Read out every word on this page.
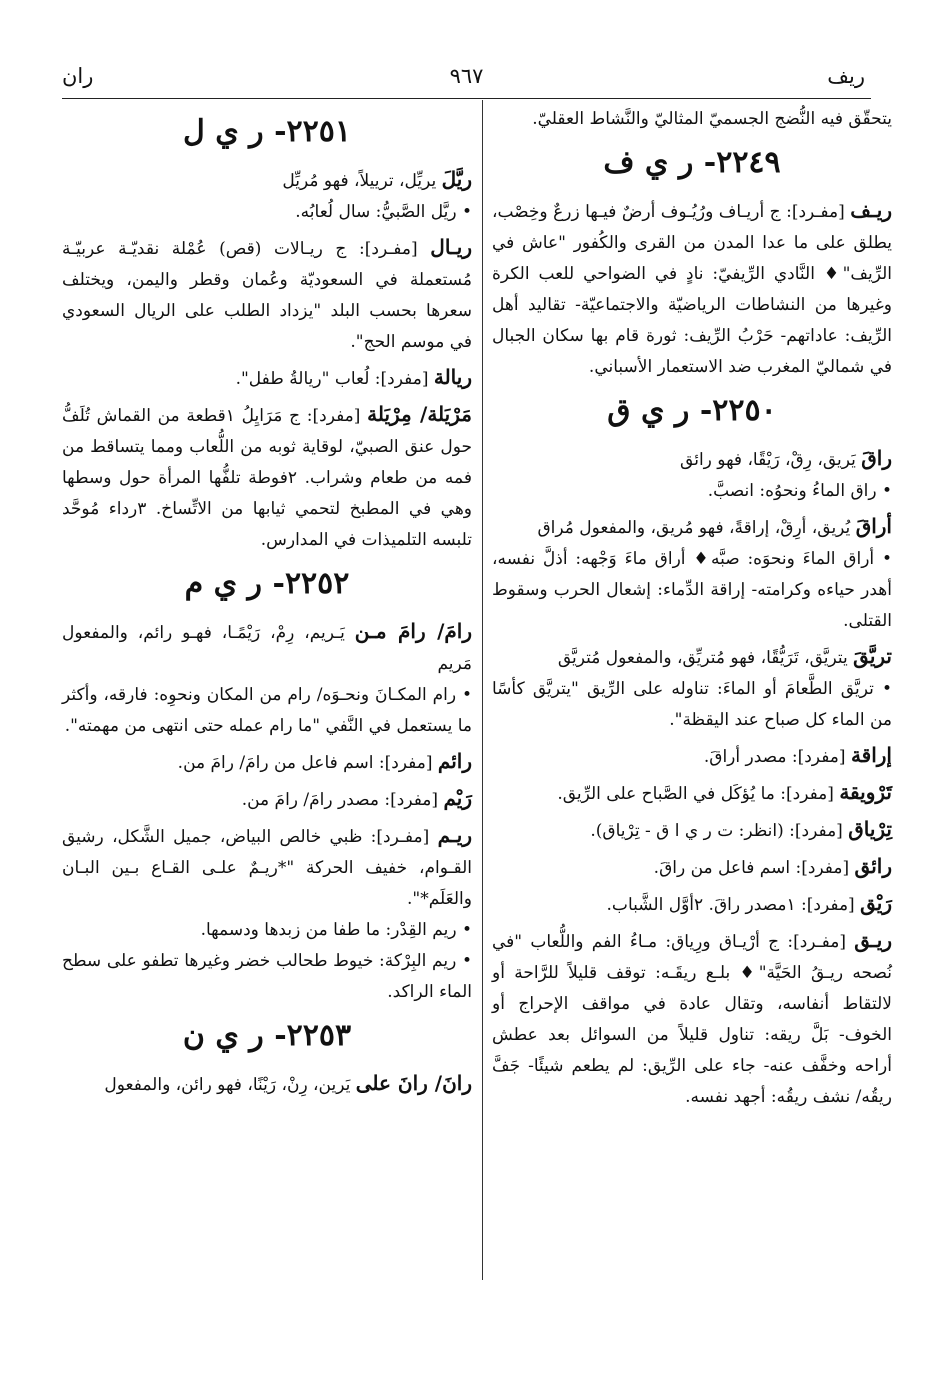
ران	٩٦٧	ريف

يتحقّق فيه النُّضج الجسميّ المثاليّ والنَّشاط العقليّ.

٢٢٤٩- ر ي ف

ريـف [مفـرد]: ج أريـاف ورُيُـوف أرضٌ فيـها زرعٌ وخِصْب، يطلق على ما عدا المدن من القرى والكُفور "عاش في الرِّيف"♦ النَّادي الرِّيفيّ: نادٍ في الضواحي للعب الكرة وغيرها من النشاطات الرياضيّة والاجتماعيّة- تقاليد أهل الرِّيف: عاداتهم- حَرْبُ الرِّيف: ثورة قام بها سكان الجبال في شماليّ المغرب ضد الاستعمار الأسباني.

٢٢٥٠- ر ي ق

راقَ يَريق، رِقْ، رَيْقًا، فهو رائق

• راق الماءُ ونحوُه: انصبَّ.

أراقَ يُريق، أرِقْ، إراقةً، فهو مُريق، والمفعول مُراق

• أراق الماءَ ونحوَه: صبَّه♦ أراق ماءَ وَجْهه: أذلَّ نفسه، أهدر حياءه وكرامته- إراقة الدِّماء: إشعال الحرب وسقوط القتلى.

تريَّقَ يتريَّق، تَرَيُّقًا، فهو مُتريِّق، والمفعول مُتريَّق

• تريَّق الطَّعامَ أو الماءَ: تناوله على الرِّيق "يتريَّق كأسًا من الماء كل صباح عند اليقظة".

إراقة [مفرد]: مصدر أراقَ.

تَرْويقة [مفرد]: ما يُؤكَل في الصَّباح على الرِّيق.

تِرْياق [مفرد]: (انظر: ت ر ي ا ق - تِرْياق).

رائق [مفرد]: اسم فاعل من راقَ.

رَيْق [مفرد]: ١مصدر راقَ. ٢أوَّل الشَّباب.

ريـق [مفـرد]: ج أرْيـاق ورِياق: مـاءُ الفم واللُّعاب "في نُصحه ريـقُ الحَيَّة"♦ بلـع ريقَـه: توقف قليلاً للرَّاحة أو لالتقاط أنفاسه، وتقال عادة في مواقف الإحراج أو الخوف- بَلَّ ريقه: تناول قليلاً من السوائل بعد عطش أراحه وخفَّف عنه- جاء على الرِّيق: لم يطعم شيئًا- جَفَّ ريقُه/ نشف ريقُه: أجهد نفسه.

٢٢٥١- ر ي ل

ريَّلَ يريِّل، ترييلاً، فهو مُريِّل

• ريَّل الصَّبيُّ: سال لُعابُه.

ريـال [مفـرد]: ج ريـالات (قص) عُمْلة نقديّـة عربيّـة مُستعملة في السعوديّة وعُمان وقطر واليمن، ويختلف سعرها بحسب البلد "يزداد الطلب على الريال السعودي في موسم الحج".

ريالة [مفرد]: لُعاب "ريالةُ طفل".

مَرْيَلة/ مِرْيَلة [مفرد]: ج مَرَايِلُ ١قطعة من القماش تُلَفُّ حول عنق الصبيّ، لوقاية ثوبه من اللُّعاب ومما يتساقط من فمه من طعام وشراب. ٢فوطة تلفُّها المرأة حول وسطها وهي في المطبخ لتحمي ثيابها من الاتِّساخ. ٣رداء مُوحَّد تلبسه التلميذات في المدارس.

٢٢٥٢- ر ي م

رامَ/ رامَ مـن يَـريم، رِمْ، رَيْمًـا، فهـو رائم، والمفعول مَريم

• رام المكـانَ ونحـوَه/ رام من المكان ونحوِه: فارقه، وأكثر ما يستعمل في النَّفي "ما رام عمله حتى انتهى من مهمته".

رائم [مفرد]: اسم فاعل من رامَ/ رامَ من.

رَيْم [مفرد]: مصدر رامَ/ رامَ من.

ريـم [مفـرد]: ظبي خالص البياض، جميل الشَّكل، رشيق القـوام، خفيف الحركة "*ريـمٌ علـى القـاع بـين البـان والعَلَم*".

• ريم القِدْر: ما طفا من زبدها ودسمها.

• ريم البِرْكة: خيوط طحالب خضر وغيرها تطفو على سطح الماء الراكد.

٢٢٥٣- ر ي ن

رانَ/ رانَ على يَرين، رِنْ، رَيْنًا، فهو رائن، والمفعول
